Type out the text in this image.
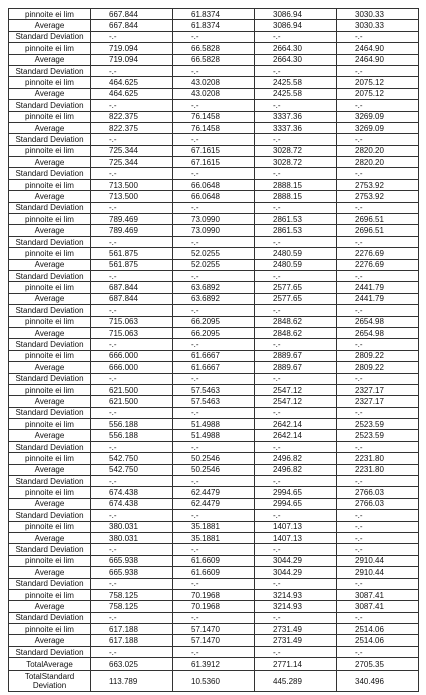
pinnoite ei lim	667.844	61.8374	3086.94	3030.33
Average	667.844	61.8374	3086.94	3030.33
Standard Deviation	-.-	-.-	-.-	-.-
pinnoite ei lim	719.094	66.5828	2664.30	2464.90
Average	719.094	66.5828	2664.30	2464.90
Standard Deviation	-.-	-.-	-.-	-.-
pinnoite ei lim	464.625	43.0208	2425.58	2075.12
Average	464.625	43.0208	2425.58	2075.12
Standard Deviation	-.-	-.-	-.-	-.-
pinnoite ei lim	822.375	76.1458	3337.36	3269.09
Average	822.375	76.1458	3337.36	3269.09
Standard Deviation	-.-	-.-	-.-	-.-
pinnoite ei lim	725.344	67.1615	3028.72	2820.20
Average	725.344	67.1615	3028.72	2820.20
Standard Deviation	-.-	-.-	-.-	-.-
pinnoite ei lim	713.500	66.0648	2888.15	2753.92
Average	713.500	66.0648	2888.15	2753.92
Standard Deviation	-.-	-.-	-.-	-.-
pinnoite ei lim	789.469	73.0990	2861.53	2696.51
Average	789.469	73.0990	2861.53	2696.51
Standard Deviation	-.-	-.-	-.-	-.-
pinnoite ei lim	561.875	52.0255	2480.59	2276.69
Average	561.875	52.0255	2480.59	2276.69
Standard Deviation	-.-	-.-	-.-	-.-
pinnoite ei lim	687.844	63.6892	2577.65	2441.79
Average	687.844	63.6892	2577.65	2441.79
Standard Deviation	-.-	-.-	-.-	-.-
pinnoite ei lim	715.063	66.2095	2848.62	2654.98
Average	715.063	66.2095	2848.62	2654.98
Standard Deviation	-.-	-.-	-.-	-.-
pinnoite ei lim	666.000	61.6667	2889.67	2809.22
Average	666.000	61.6667	2889.67	2809.22
Standard Deviation	-.-	-.-	-.-	-.-
pinnoite ei lim	621.500	57.5463	2547.12	2327.17
Average	621.500	57.5463	2547.12	2327.17
Standard Deviation	-.-	-.-	-.-	-.-
pinnoite ei lim	556.188	51.4988	2642.14	2523.59
Average	556.188	51.4988	2642.14	2523.59
Standard Deviation	-.-	-.-	-.-	-.-
pinnoite ei lim	542.750	50.2546	2496.82	2231.80
Average	542.750	50.2546	2496.82	2231.80
Standard Deviation	-.-	-.-	-.-	-.-
pinnoite ei lim	674.438	62.4479	2994.65	2766.03
Average	674.438	62.4479	2994.65	2766.03
Standard Deviation	-.-	-.-	-.-	-.-
pinnoite ei lim	380.031	35.1881	1407.13	-.-
Average	380.031	35.1881	1407.13	-.-
Standard Deviation	-.-	-.-	-.-	-.-
pinnoite ei lim	665.938	61.6609	3044.29	2910.44
Average	665.938	61.6609	3044.29	2910.44
Standard Deviation	-.-	-.-	-.-	-.-
pinnoite ei lim	758.125	70.1968	3214.93	3087.41
Average	758.125	70.1968	3214.93	3087.41
Standard Deviation	-.-	-.-	-.-	-.-
pinnoite ei lim	617.188	57.1470	2731.49	2514.06
Average	617.188	57.1470	2731.49	2514.06
Standard Deviation	-.-	-.-	-.-	-.-
TotalAverage	663.025	61.3912	2771.14	2705.35
TotalStandard Deviation	113.789	10.5360	445.289	340.496
